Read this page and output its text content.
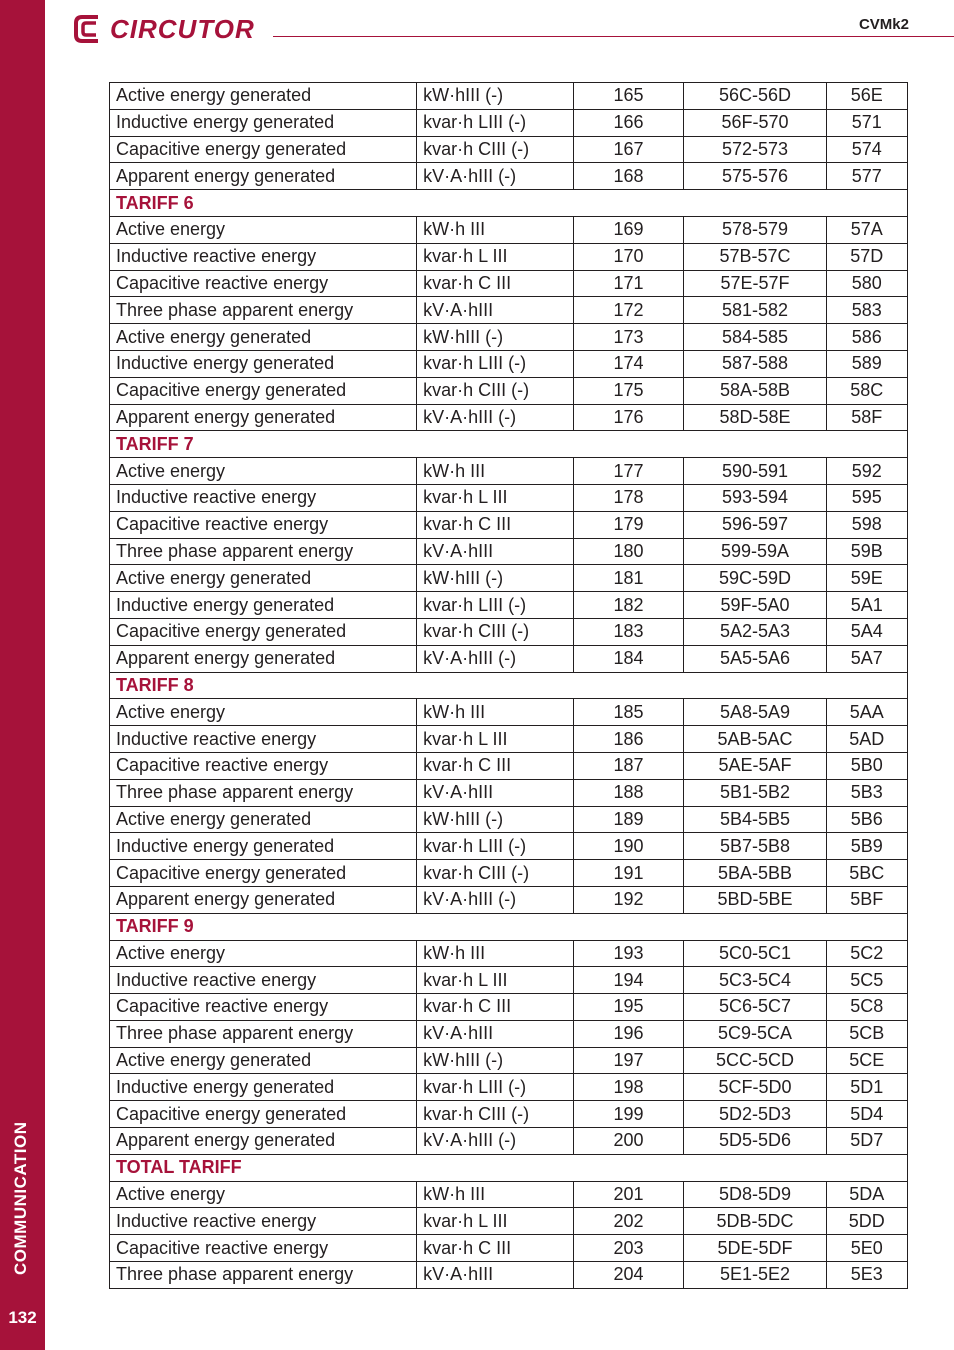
COMMUNICATION
132
CIRCUTOR	CVMk2
Active energy generated	kW·hIII (-)	165	56C-56D	56E
Inductive energy generated	kvar·h LIII (-)	166	56F-570	571
Capacitive energy generated	kvar·h CIII (-)	167	572-573	574
Apparent energy generated	kV·A·hIII (-)	168	575-576	577
TARIFF 6				
Active energy	kW·h III	169	578-579	57A
Inductive reactive energy	kvar·h L III	170	57B-57C	57D
Capacitive reactive energy	kvar·h C III	171	57E-57F	580
Three phase apparent energy	kV·A·hIII	172	581-582	583
Active energy generated	kW·hIII (-)	173	584-585	586
Inductive energy generated	kvar·h LIII (-)	174	587-588	589
Capacitive energy generated	kvar·h CIII (-)	175	58A-58B	58C
Apparent energy generated	kV·A·hIII (-)	176	58D-58E	58F
TARIFF 7				
Active energy	kW·h III	177	590-591	592
Inductive reactive energy	kvar·h L III	178	593-594	595
Capacitive reactive energy	kvar·h C III	179	596-597	598
Three phase apparent energy	kV·A·hIII	180	599-59A	59B
Active energy generated	kW·hIII (-)	181	59C-59D	59E
Inductive energy generated	kvar·h LIII (-)	182	59F-5A0	5A1
Capacitive energy generated	kvar·h CIII (-)	183	5A2-5A3	5A4
Apparent energy generated	kV·A·hIII (-)	184	5A5-5A6	5A7
TARIFF 8				
Active energy	kW·h III	185	5A8-5A9	5AA
Inductive reactive energy	kvar·h L III	186	5AB-5AC	5AD
Capacitive reactive energy	kvar·h C III	187	5AE-5AF	5B0
Three phase apparent energy	kV·A·hIII	188	5B1-5B2	5B3
Active energy generated	kW·hIII (-)	189	5B4-5B5	5B6
Inductive energy generated	kvar·h LIII (-)	190	5B7-5B8	5B9
Capacitive energy generated	kvar·h CIII (-)	191	5BA-5BB	5BC
Apparent energy generated	kV·A·hIII (-)	192	5BD-5BE	5BF
TARIFF 9				
Active energy	kW·h III	193	5C0-5C1	5C2
Inductive reactive energy	kvar·h L III	194	5C3-5C4	5C5
Capacitive reactive energy	kvar·h C III	195	5C6-5C7	5C8
Three phase apparent energy	kV·A·hIII	196	5C9-5CA	5CB
Active energy generated	kW·hIII (-)	197	5CC-5CD	5CE
Inductive energy generated	kvar·h LIII (-)	198	5CF-5D0	5D1
Capacitive energy generated	kvar·h CIII (-)	199	5D2-5D3	5D4
Apparent energy generated	kV·A·hIII (-)	200	5D5-5D6	5D7
TOTAL TARIFF				
Active energy	kW·h III	201	5D8-5D9	5DA
Inductive reactive energy	kvar·h L III	202	5DB-5DC	5DD
Capacitive reactive energy	kvar·h C III	203	5DE-5DF	5E0
Three phase apparent energy	kV·A·hIII	204	5E1-5E2	5E3
